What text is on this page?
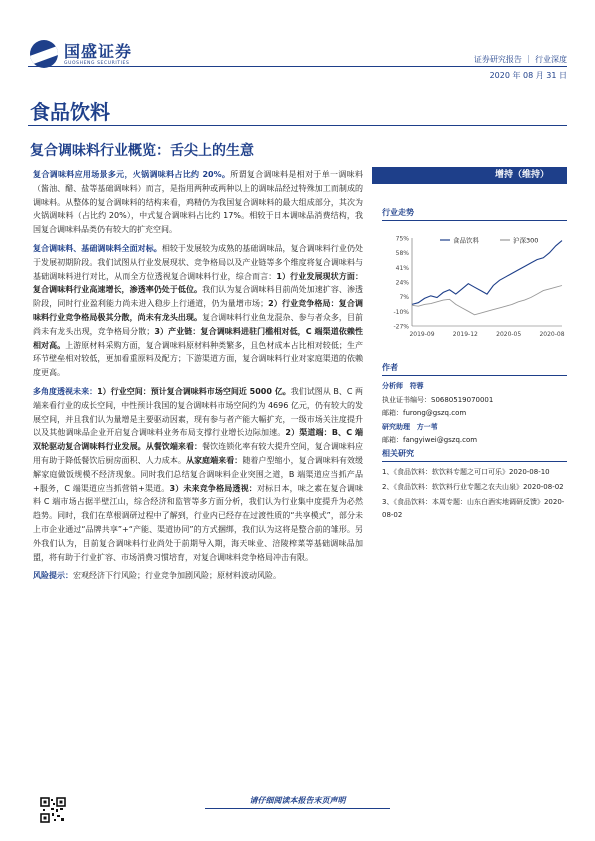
国盛证券
GUOSHENG SECURITIES	证券研究报告 ｜ 行业深度
2020 年 08 月 31 日
食品饮料
复合调味料行业概览：舌尖上的生意
增持（维持）

复合调味料应用场景多元，火锅调味料占比约 20%。所谓复合调味料是相对于单一调味料（酱油、醋、盐等基础调味料）而言，是指用两种或两种以上的调味品经过特殊加工而制成的调味料。从整体的复合调味料的结构来看，鸡精仍为我国复合调味料的最大组成部分，其次为火锅调味料（占比约 20%），中式复合调味料占比约 17%。相较于日本调味品消费结构，我国复合调味料品类仍有较大的扩充空间。

复合调味料、基础调味料全面对标。相较于发展较为成熟的基础调味品，复合调味料行业仍处于发展初期阶段。我们试图从行业发展现状、竞争格局以及产业链等多个维度将复合调味料与基础调味料进行对比，从而全方位透视复合调味料行业，综合而言：1）行业发展现状方面：复合调味料行业高速增长，渗透率仍处于低位。我们认为复合调味料目前尚处加速扩容、渗透阶段，同时行业盈利能力尚未进入稳步上行通道，仍为量增市场；2）行业竞争格局：复合调味料行业竞争格局极其分散，尚未有龙头出现。复合调味料行业鱼龙混杂、参与者众多，目前尚未有龙头出现，竞争格局分散；3）产业链：复合调味料进驻门槛相对低，C 端渠道依赖性相对高。上游原材料采购方面，复合调味料原材料种类繁多，且色材成本占比相对较低；生产环节壁垒相对较低，更加看重原料及配方；下游渠道方面，复合调味料行业对家庭渠道的依赖度更高。

多角度透视未来：1）行业空间：预计复合调味料市场空间近 5000 亿。我们试图从 B、C 两端来看行业的成长空间，中性预计我国的复合调味料市场空间约为 4696 亿元，仍有较大的发展空间，并且我们认为量增是主要驱动因素，现有参与者产能大幅扩充，一级市场关注度提升以及其他调味品企业开启复合调味料业务布局支撑行业增长边际加速。2）渠道端：B、C 端双轮驱动复合调味料行业发展。从餐饮端来看：餐饮连锁化率有较大提升空间，复合调味料应用有助于降低餐饮后厨房面积、人力成本。从家庭端来看：随着户型缩小，复合调味料有效缓解家庭做饭规模不经济现象。同时我们总结复合调味料企业突围之道，B 端渠道应当抓产品+服务，C 端渠道应当抓营销+渠道。3）未来竞争格局透视：对标日本，味之素在复合调味料 C 端市场占据半壁江山，综合经济和监管等多方面分析，我们认为行业集中度提升为必然趋势。同时，我们在草根调研过程中了解到，行业内已经存在过渡性质的“共享模式”，部分未上市企业通过“品牌共享”+“产能、渠道协同”的方式捆绑，我们认为这将是整合前的雏形。另外我们认为，目前复合调味料行业尚处于前期导入期，海天味业、涪陵榨菜等基础调味品加盟，将有助于行业扩容、市场消费习惯培育，对复合调味料竞争格局冲击有限。

风险提示：宏观经济下行风险；行业竞争加剧风险；原材料波动风险。

行业走势
75%
58%
41%
24%
7%
-10%
-27%
2019-09	2019-12	2020-05	2020-08
食品饮料	沪深300
作者
分析师 符蓉
执业证书编号：S0680519070001
邮箱：furong@gszq.com
研究助理 方一苇
邮箱：fangyiwei@gszq.com
相关研究
1、《食品饮料：软饮料专题之可口可乐》2020-08-10
2、《食品饮料：软饮料行业专题之农夫山泉》2020-08-02
3、《食品饮料：本周专题：山东白酒实地调研反馈》2020-08-02
请仔细阅读本报告末页声明
